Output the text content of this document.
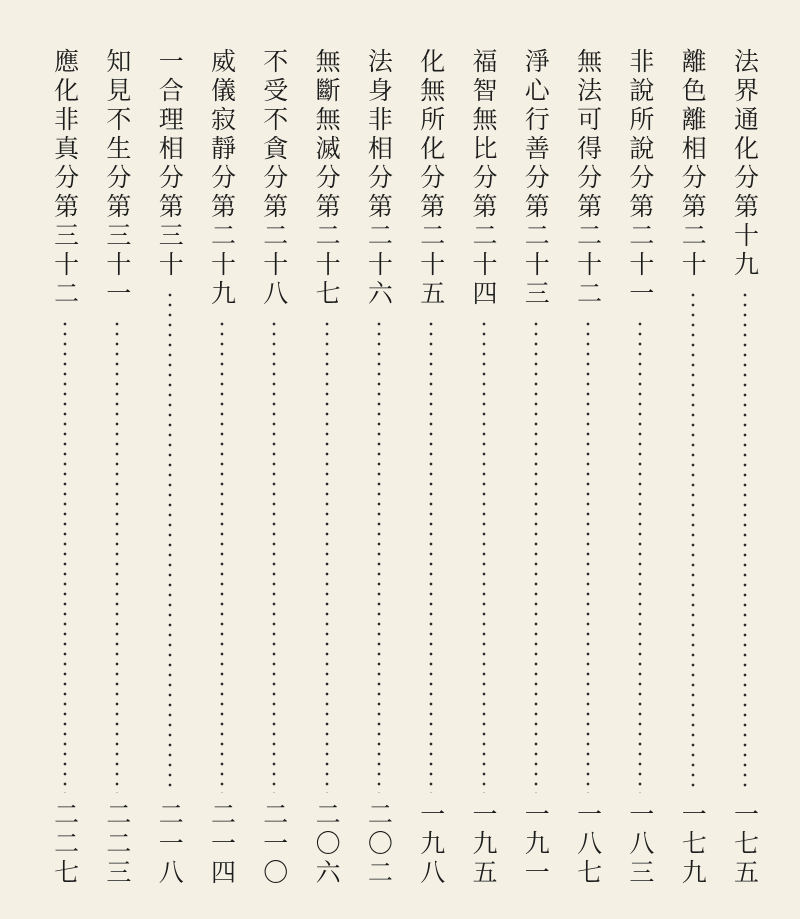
法界通化分第十九
一七五
離色離相分第二十
一七九
非說所說分第二十一
一八三
無法可得分第二十二
一八七
淨心行善分第二十三
一九一
福智無比分第二十四
一九五
化無所化分第二十五
一九八
法身非相分第二十六
二〇二
無斷無滅分第二十七
二〇六
不受不貪分第二十八
二一〇
威儀寂靜分第二十九
二一四
一合理相分第三十
二一八
知見不生分第三十一
二二三
應化非真分第三十二
二二七
